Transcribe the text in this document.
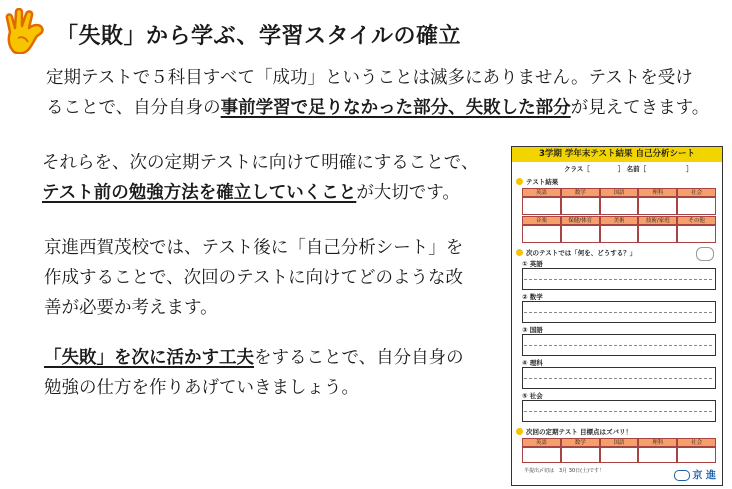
「失敗」から学ぶ、学習スタイルの確立
定期テストで５科目すべて「成功」ということは滅多にありません。テストを受け
ることで、自分自身の事前学習で足りなかった部分、失敗した部分が見えてきます。
それらを、次の定期テストに向けて明確にすることで、
テスト前の勉強方法を確立していくことが大切です。
京進西賀茂校では、テスト後に「自己分析シート」を
作成することで、次回のテストに向けてどのような改
善が必要か考えます。
「失敗」を次に活かす工夫をすることで、自分自身の
勉強の仕方を作りあげていきましょう。
3学期 学年末テスト結果 自己分析シート
クラス［	］ 名前［	］
テスト結果
英語	数学	国語	理科	社会
音楽	保健/体育	美術	技術/家庭	その他
次のテストでは「何を、どうする？」
① 英語
② 数学
③ 国語
④ 理科
⑤ 社会
次回の定期テスト 目標点はズバリ！
英語	数学	国語	理科	社会
半提出〆切は　3月 30日(土)です！	京 進
